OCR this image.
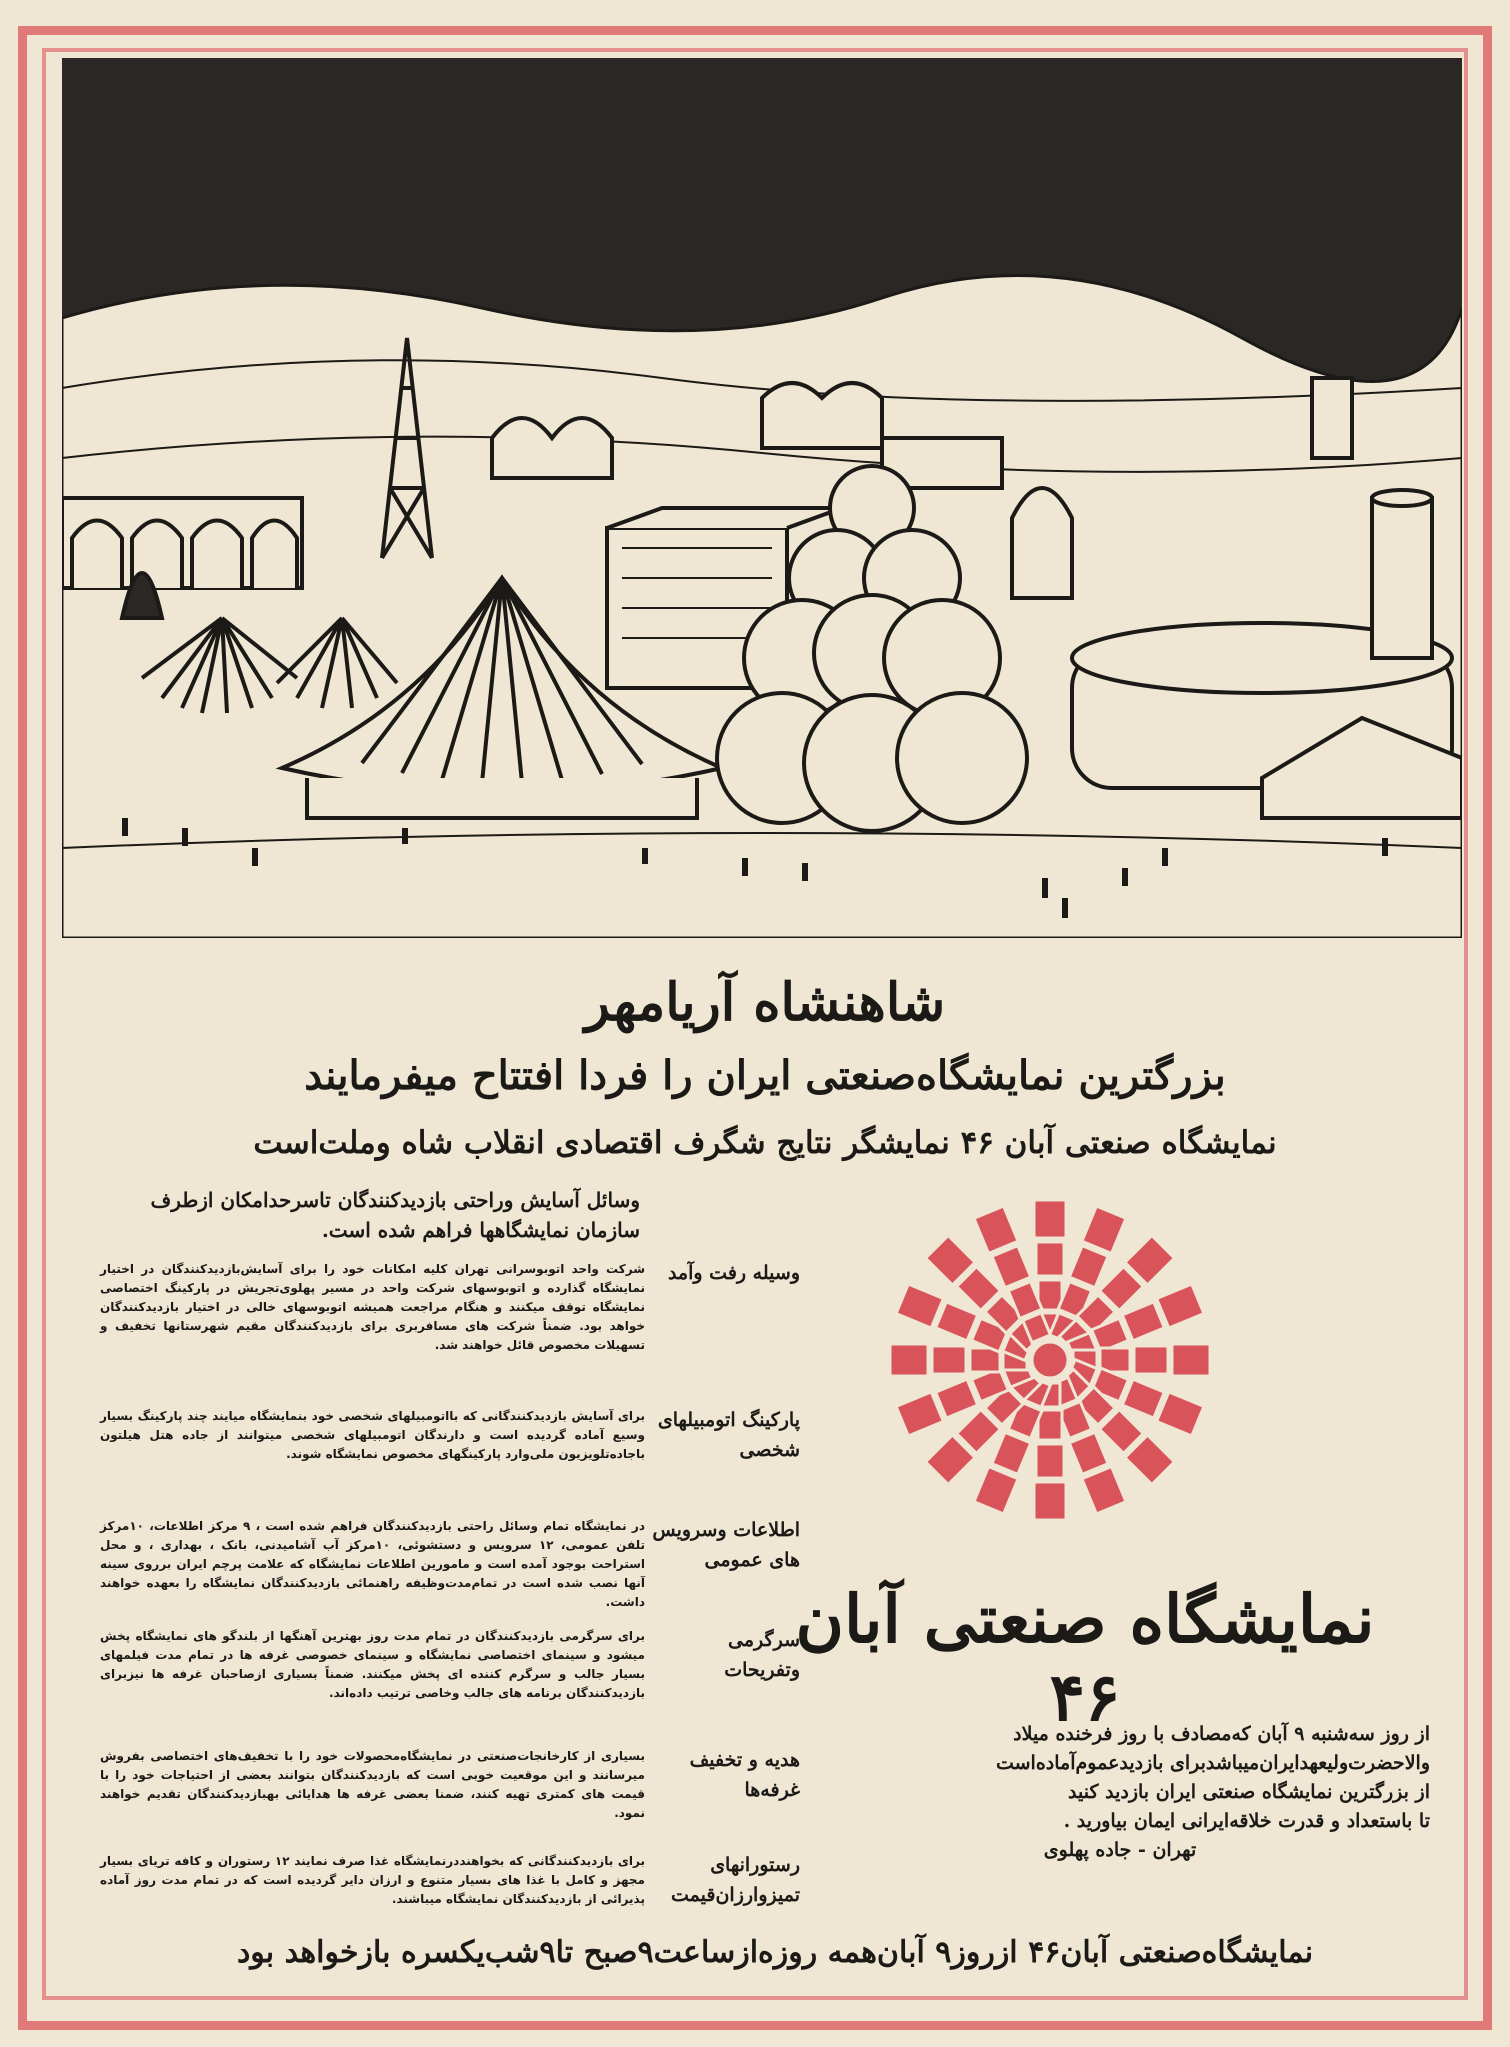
شاهنشاه آریامهر
بزرگترین نمایشگاه‌صنعتی ایران را فردا افتتاح میفرمایند
نمایشگاه صنعتی آبان ۴۶ نمایشگر نتایج شگرف اقتصادی انقلاب شاه وملت‌است
وسائل آسایش وراحتی بازدیدکنندگان تاسرحدامکان ازطرف سازمان نمایشگاهها فراهم شده است.
وسیله رفت وآمد
شرکت واحد اتوبوسرانی تهران کلیه امکانات خود را برای آسایش‌بازدیدکنندگان در اختیار نمایشگاه گذارده و اتوبوسهای شرکت واحد در مسیر پهلوی‌تجریش در پارکینگ اختصاصی نمایشگاه توقف میکنند و هنگام مراجعت همیشه اتوبوسهای خالی در اختیار بازدیدکنندگان خواهد بود. ضمناً شرکت های مسافربری برای بازدیدکنندگان مقیم شهرستانها تخفیف و تسهیلات مخصوص قائل خواهند شد.
پارکینگ اتومبیلهای شخصی
برای آسایش بازدیدکنندگانی که بااتومبیلهای شخصی خود بنمایشگاه میایند چند پارکینگ بسیار وسیع آماده گردیده است و دارندگان اتومبیلهای شخصی میتوانند از جاده هتل هیلتون باجاده‌تلویزیون ملی‌وارد پارکینگهای مخصوص نمایشگاه شوند.
اطلاعات وسرویس های عمومی
در نمایشگاه تمام وسائل راحتی بازدیدکنندگان فراهم شده است ، ۹ مرکز اطلاعات، ۱۰مرکز تلفن عمومی، ۱۲ سرویس و دستشوئی، ۱۰مرکز آب آشامیدنی، بانک ، بهداری ، و محل استراحت بوجود آمده است و مامورین اطلاعات نمایشگاه که علامت پرچم ایران برروی سینه آنها نصب شده است در تمام‌مدت‌وظیفه راهنمائی بازدیدکنندگان نمایشگاه را بعهده خواهند داشت.
سرگرمی وتفریحات
برای سرگرمی بازدیدکنندگان در تمام مدت روز بهترین آهنگها از بلندگو های نمایشگاه پخش میشود و سینمای اختصاصی نمایشگاه و سینمای خصوصی غرفه ها در تمام مدت فیلمهای بسیار جالب و سرگرم کننده ای پخش میکنند. ضمناً بسیاری ازصاحبان غرفه ها نیزبرای بازدیدکنندگان برنامه های جالب وخاصی ترتیب داده‌اند.
هدیه و تخفیف غرفه‌ها
بسیاری از کارخانجات‌صنعتی در نمایشگاه‌محصولات خود را با تخفیف‌های اختصاصی بفروش میرسانند و این موقعیت خوبی است که بازدیدکنندگان بتوانند بعضی از احتیاجات خود را با قیمت های کمتری تهیه کنند، ضمنا بعضی غرفه ها هدایائی بهبازدیدکنندگان تقدیم خواهند نمود.
رستورانهای تمیزوارزان‌قیمت
برای بازدیدکنندگانی که بخواهنددرنمایشگاه غذا صرف نمایند ۱۲ رستوران و کافه تریای بسیار مجهز و کامل با غذا های بسیار متنوع و ارزان دایر گردیده است که در تمام مدت روز آماده پذیرائی از بازدیدکنندگان نمایشگاه میباشند.
نمایشگاه صنعتی آبان ۴۶
از روز سه‌شنبه ۹ آبان که‌مصادف با روز فرخنده میلاد
والاحضرت‌ولیعهدایران‌میباشدبرای بازدیدعموم‌آماده‌است
از بزرگترین نمایشگاه صنعتی ایران بازدید کنید
تا باستعداد و قدرت خلاقه‌ایرانی ایمان بیاورید .
تهران - جاده پهلوی
نمایشگاه‌صنعتی آبان۴۶ ازروز۹ آبان‌همه روزه‌ازساعت۹صبح تا۹شب‌یکسره بازخواهد بود
